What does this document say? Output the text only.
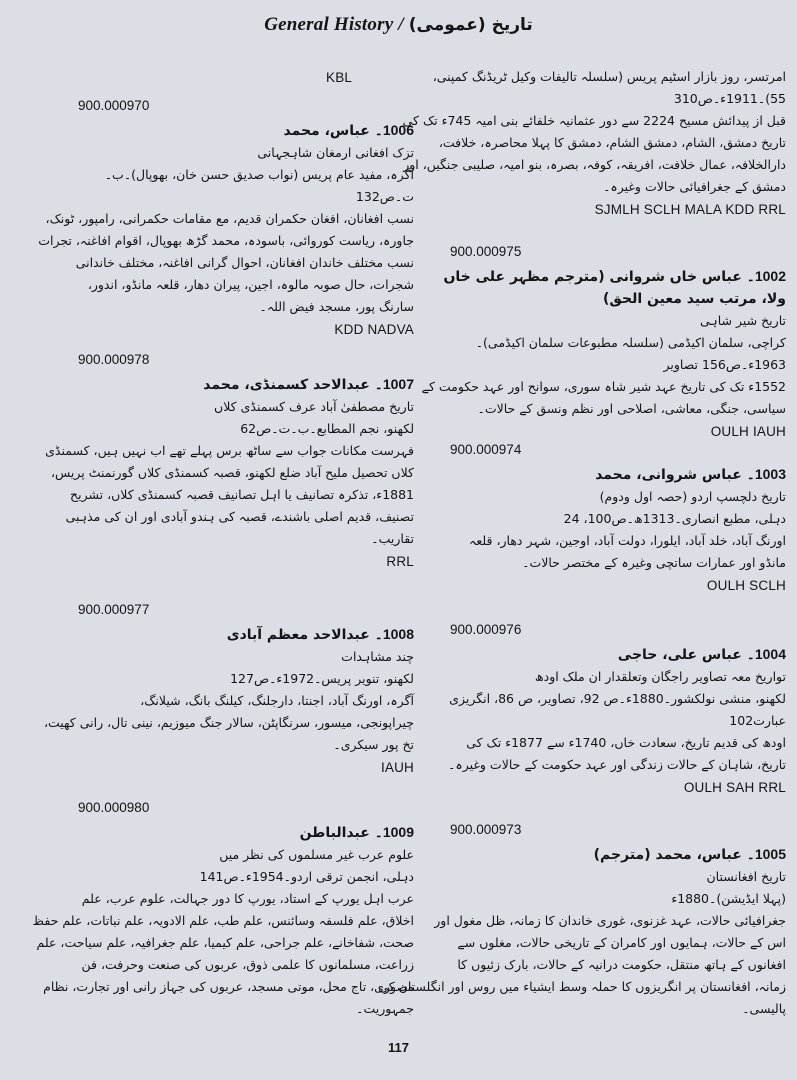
General History / تاریخ (عمومی)
امرتسر، روز بازار اسٹیم پریس (سلسلہ تالیفات وکیل ٹریڈنگ کمپنی،
55)۔1911ء۔ص310
قبل از پیدائش مسیح 2224 سے دور عثمانیہ خلفائے بنی امیہ 745ء تک کی
تاریخ دمشق، الشام، دمشق الشام، دمشق کا پہلا محاصرہ، خلافت،
دارالخلافہ، عمال خلافت، افریقہ، کوفہ، بصرہ، بنو امیہ، صلیبی جنگیں، اور
دمشق کے جغرافیائی حالات وغیرہ۔
SJMLH SCLH MALA KDD RRL
900.000975
1002۔ عباس خاں شروانی (مترجم مظہر علی خاں ولا، مرتب سید معین الحق)
تاریخ شیر شاہی
کراچی، سلمان اکیڈمی (سلسلہ مطبوعات سلمان اکیڈمی)۔
1963ء۔ص156 تصاویر
1552ء تک کی تاریخ عہد شیر شاہ سوری، سوانح اور عہد حکومت کے
سیاسی، جنگی، معاشی، اصلاحی اور نظم ونسق کے حالات۔
OULH IAUH
900.000974
1003۔ عباس شروانی، محمد
تاریخ دلچسپ اردو (حصہ اول ودوم)
دہلی، مطبع انصاری۔1313ھ۔ص100، 24
اورنگ آباد، خلد آباد، ایلورا، دولت آباد، اوجین، شہر دھار، قلعہ
مانڈو اور عمارات ساتچی وغیرہ کے مختصر حالات۔
OULH SCLH
900.000976
1004۔ عباس علی، حاجی
تواریخ معہ تصاویر راجگان وتعلقدار ان ملک اودھ
لکھنو، منشی نولکشور۔1880ء۔ص 92، تصاویر، ص 86، انگریزی
عبارت102
اودھ کی قدیم تاریخ، سعادت خاں، 1740ء سے 1877ء تک کی
تاریخ، شاہان کے حالات زندگی اور عہد حکومت کے حالات وغیرہ۔
OULH SAH RRL
900.000973
1005۔ عباس، محمد (مترجم)
تاریخ افغانستان
(پہلا ایڈیشن)۔1880ء
جغرافیائی حالات، عہد غزنوی، غوری خاندان کا زمانہ، ظل مغول اور
اس کے حالات، ہمایوں اور کامران کے تاریخی حالات، مغلوں سے
افغانوں کے ہاتھ منتقل، حکومت درانیہ کے حالات، بارک زئیوں کا
زمانہ، افغانستان پر انگریزوں کا حملہ وسط ایشیاء میں روس اور انگلستان کی
پالیسی۔
KBL
900.000970
1006۔ عباس، محمد
تزک افغانی ارمغان شاہجہانی
آگرہ، مفید عام پریس (نواب صدیق حسن خان، بھوپال)۔ب۔
ت۔ص132
نسب افغانان، افغان حکمران قدیم، مع مقامات حکمرانی، رامپور، ٹونک،
جاورہ، ریاست کوروائی، باسودہ، محمد گڑھ بھوپال، اقوام افاغنہ، تجرات
نسب مختلف خاندان افغانان، احوال گرانی افاغنہ، مختلف خاندانی
شجرات، حال صوبہ مالوہ، اجین، پیران دھار، قلعہ مانڈو، اندور،
سارنگ پور، مسجد فیض اللہ۔
KDD NADVA
900.000978
1007۔ عبدالاحد کسمنڈی، محمد
تاریخ مصطفیٰ آباد عرف کسمنڈی کلاں
لکھنو، نجم المطابع۔ب۔ت۔ص62
فہرست مکانات جواب سے ساٹھ برس پہلے تھے اب نہیں ہیں، کسمنڈی
کلاں تحصیل ملیح آباد ضلع لکھنو، قصبہ کسمنڈی کلاں گورنمنٹ پریس،
1881ء، تذکرہ تصانیف یا اہل تصانیف قصبہ کسمنڈی کلاں، تشریح
تصنیف، قدیم اصلی باشندے، قصبہ کی ہندو آبادی اور ان کی مذہبی
تقاریب۔
RRL
900.000977
1008۔ عبدالاحد معظم آبادی
چند مشاہدات
لکھنو، تنویر پریس۔1972ء۔ص127
آگرہ، اورنگ آباد، اجنتا، دارجلنگ، کیلنگ بانگ، شیلانگ،
چیراپونجی، میسور، سرنگاپٹن، سالار جنگ میوزیم، نینی تال، رانی کھیت،
تخ پور سیکری۔
IAUH
900.000980
1009۔ عبدالباطن
علوم عرب غیر مسلموں کی نظر میں
دہلی، انجمن ترقی اردو۔1954ء۔ص141
عرب اہل یورپ کے استاد، یورپ کا دور جہالت، علوم عرب، علم
اخلاق، علم فلسفہ وسائنس، علم طب، علم الادویہ، علم نباتات، علم حفظ
صحت، شفاخانے، علم جراحی، علم کیمیا، علم جغرافیہ، علم سیاحت، علم
زراعت، مسلمانوں کا علمی ذوق، عربوں کی صنعت وحرفت، فن
مصوری، تاج محل، موتی مسجد، عربوں کی جہاز رانی اور تجارت، نظام
جمہوریت۔
117
